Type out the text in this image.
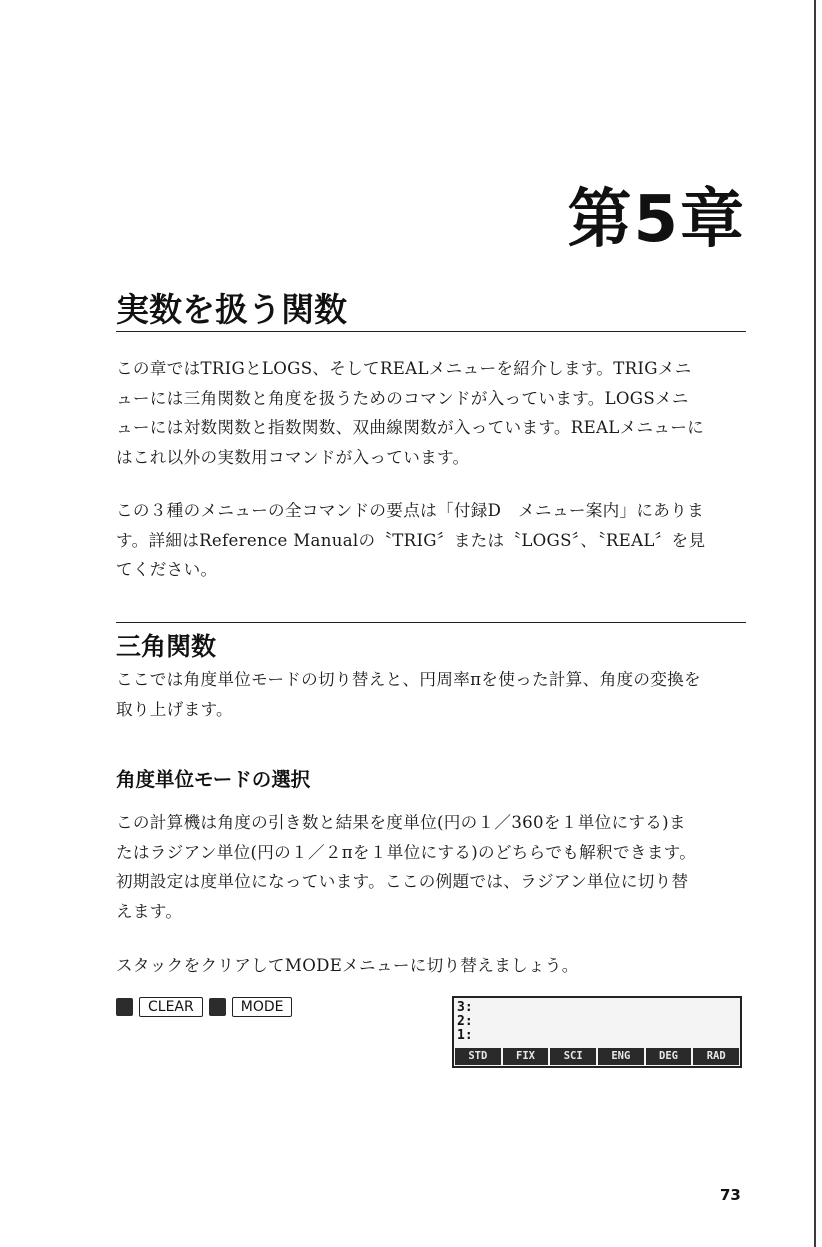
第5章
実数を扱う関数

この章ではTRIGとLOGS、そしてREALメニューを紹介します。TRIGメニ
ューには三角関数と角度を扱うためのコマンドが入っています。LOGSメニ
ューには対数関数と指数関数、双曲線関数が入っています。REALメニューに
はこれ以外の実数用コマンドが入っています。

この３種のメニューの全コマンドの要点は「付録D　メニュー案内」にありま
す。詳細はReference Manualの〝TRIG〞または〝LOGS〞、〝REAL〞を見
てください。

三角関数

ここでは角度単位モードの切り替えと、円周率πを使った計算、角度の変換を
取り上げます。

角度単位モードの選択

この計算機は角度の引き数と結果を度単位(円の１／360を１単位にする)ま
たはラジアン単位(円の１／２πを１単位にする)のどちらでも解釈できます。
初期設定は度単位になっています。ここの例題では、ラジアン単位に切り替
えます。

スタックをクリアしてMODEメニューに切り替えましょう。

CLEAR	MODE	3:
2:
1:
STD	FIX	SCI	ENG	DEG	RAD
73
